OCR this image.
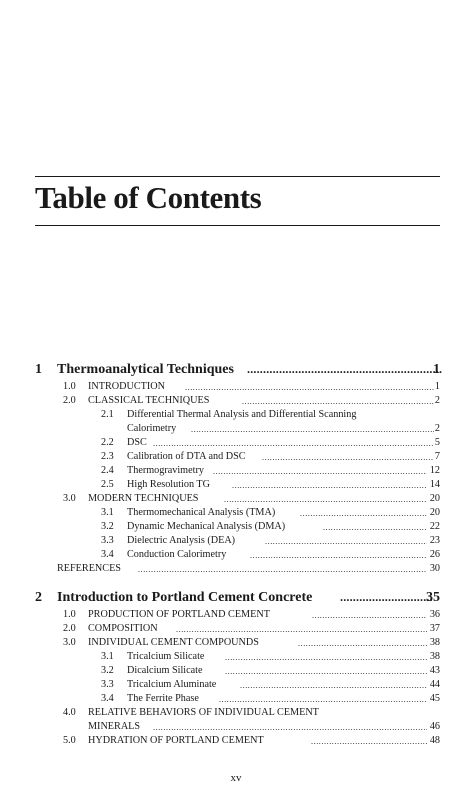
Table of Contents
1 Thermoanalytical Techniques .....	1
1.0 INTRODUCTION .....	1
2.0 CLASSICAL TECHNIQUES .....	2
2.1 Differential Thermal Analysis and Differential Scanning
Calorimetry .....	2
2.2 DSC .....	5
2.3 Calibration of DTA and DSC .....	7
2.4 Thermogravimetry .....	12
2.5 High Resolution TG .....	14
3.0 MODERN TECHNIQUES .....	20
3.1 Thermomechanical Analysis (TMA) .....	20
3.2 Dynamic Mechanical Analysis (DMA) .....	22
3.3 Dielectric Analysis (DEA) .....	23
3.4 Conduction Calorimetry .....	26
REFERENCES .....	30
2 Introduction to Portland Cement Concrete .....	35
1.0 PRODUCTION OF PORTLAND CEMENT .....	36
2.0 COMPOSITION .....	37
3.0 INDIVIDUAL CEMENT COMPOUNDS .....	38
3.1 Tricalcium Silicate .....	38
3.2 Dicalcium Silicate .....	43
3.3 Tricalcium Aluminate .....	44
3.4 The Ferrite Phase .....	45
4.0 RELATIVE BEHAVIORS OF INDIVIDUAL CEMENT
MINERALS .....	46
5.0 HYDRATION OF PORTLAND CEMENT .....	48
xv
